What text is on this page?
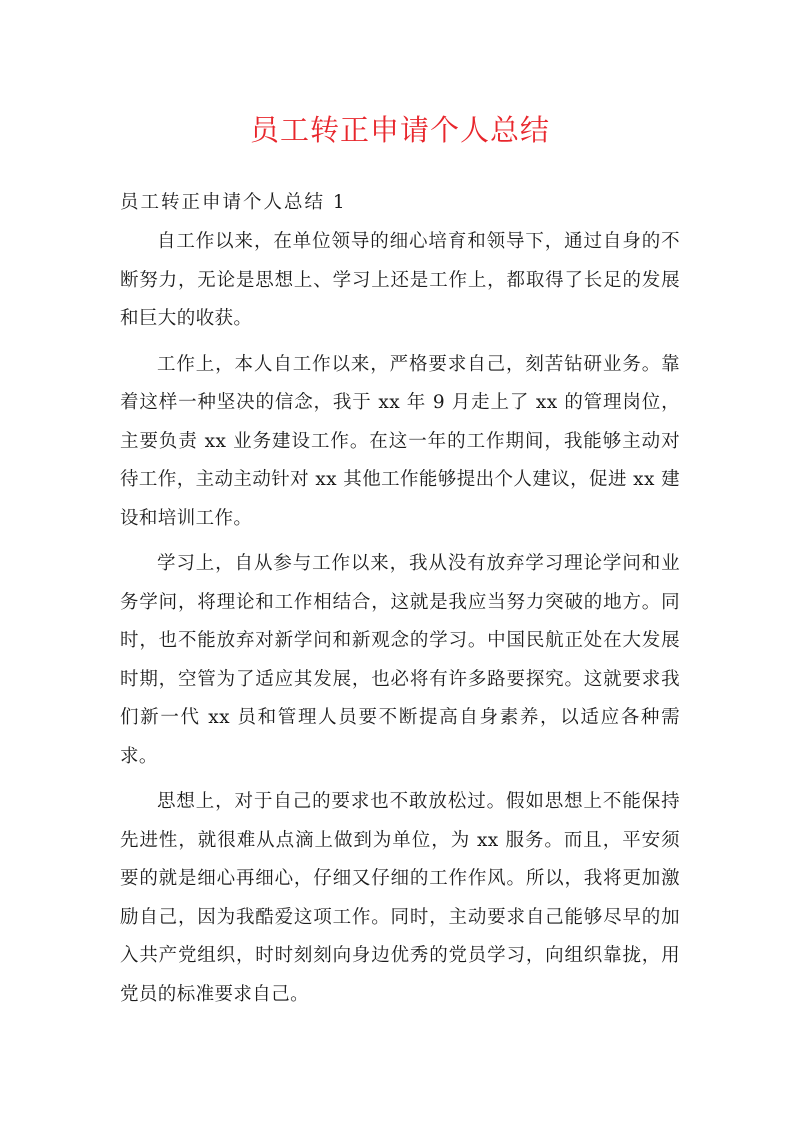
员工转正申请个人总结
员工转正申请个人总结 1

自工作以来，在单位领导的细心培育和领导下，通过自身的不断努力，无论是思想上、学习上还是工作上，都取得了长足的发展和巨大的收获。

工作上，本人自工作以来，严格要求自己，刻苦钻研业务。靠着这样一种坚决的信念，我于 xx 年 9 月走上了 xx 的管理岗位，主要负责 xx 业务建设工作。在这一年的工作期间，我能够主动对待工作，主动主动针对 xx 其他工作能够提出个人建议，促进 xx 建设和培训工作。

学习上，自从参与工作以来，我从没有放弃学习理论学问和业务学问，将理论和工作相结合，这就是我应当努力突破的地方。同时，也不能放弃对新学问和新观念的学习。中国民航正处在大发展时期，空管为了适应其发展，也必将有许多路要探究。这就要求我们新一代 xx 员和管理人员要不断提高自身素养，以适应各种需求。

思想上，对于自己的要求也不敢放松过。假如思想上不能保持先进性，就很难从点滴上做到为单位，为 xx 服务。而且，平安须要的就是细心再细心，仔细又仔细的工作作风。所以，我将更加激励自己，因为我酷爱这项工作。同时，主动要求自己能够尽早的加入共产党组织，时时刻刻向身边优秀的党员学习，向组织靠拢，用党员的标准要求自己。
